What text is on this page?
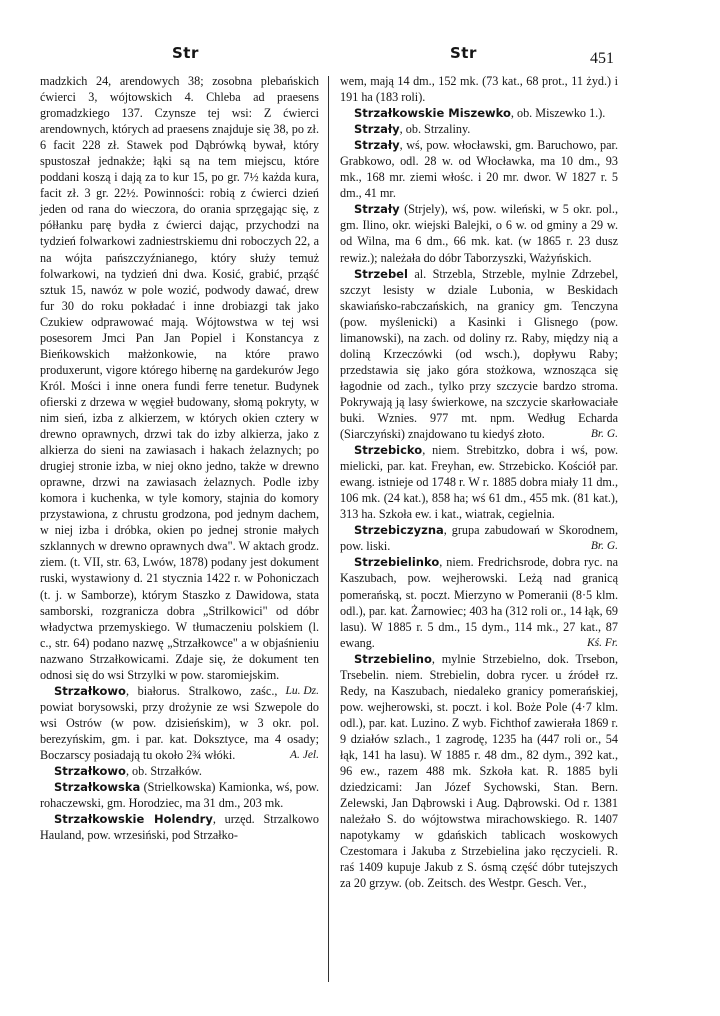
Str	Str	451

madzkich 24, arendowych 38; zosobna plebańskich ćwierci 3, wójtowskich 4. Chleba ad praesens gromadzkiego 137. Czynsze tej wsi: Z ćwierci arendownych, których ad praesens znajduje się 38, po zł. 6 facit 228 zł. Stawek pod Dąbrówką bywał, który spustoszał jednakże; łąki są na tem miejscu, które poddani koszą i dają za to kur 15, po gr. 7½ każda kura, facit zł. 3 gr. 22½. Powinności: robią z ćwierci dzień jeden od rana do wieczora, do orania sprzęgając się, z półłanku parę bydła z ćwierci dając, przychodzi na tydzień folwarkowi zadniestrskiemu dni roboczych 22, a na wójta pańszczyźnianego, który służy temuż folwarkowi, na tydzień dni dwa. Kosić, grabić, prząść sztuk 15, nawóz w pole wozić, podwody dawać, drew fur 30 do roku pokładać i inne drobiazgi tak jako Czukiew odprawować mają. Wójtowstwa w tej wsi posesorem Jmci Pan Jan Popiel i Konstancya z Bieńkowskich małżonkowie, na które prawo produxerunt, vigore którego hibernę na gardekurów Jego Król. Mości i inne onera fundi ferre tenetur. Budynek ofierski z drzewa w węgieł budowany, słomą pokryty, w nim sień, izba z alkierzem, w których okien cztery w drewno oprawnych, drzwi tak do izby alkierza, jako z alkierza do sieni na zawiasach i hakach żelaznych; po drugiej stronie izba, w niej okno jedno, także w drewno oprawne, drzwi na zawiasach żelaznych. Podle izby komora i kuchenka, w tyle komory, stajnia do komory przystawiona, z chrustu grodzona, pod jednym dachem, w niej izba i dróbka, okien po jednej stronie małych szklannych w drewno oprawnych dwa". W aktach grodz. ziem. (t. VII, str. 63, Lwów, 1878) podany jest dokument ruski, wystawiony d. 21 stycznia 1422 r. w Pohoniczach (t. j. w Samborze), którym Staszko z Dawidowa, stata samborski, rozgranicza dobra „Strilkowici" od dóbr władyctwa przemyskiego. W tłumaczeniu polskiem (l. c., str. 64) podano nazwę „Strzałkowce" a w objaśnieniu nazwano Strzałkowicami. Zdaje się, że dokument ten odnosi się do wsi Strzylki w pow. staromiejskim.
Lu. Dz.

Strzałkowo, białorus. Stralkowo, zaśc., powiat borysowski, przy drożynie ze wsi Szwepole do wsi Ostrów (w pow. dzisieńskim), w 3 okr. pol. berezyńskim, gm. i par. kat. Doksztyce, ma 4 osady; Boczarscy posiadają tu około 2¾ włóki.	A. Jel.

Strzałkowo, ob. Strzałków.

Strzałkowska (Strielkowska) Kamionka, wś, pow. rohaczewski, gm. Horodziec, ma 31 dm., 203 mk.

Strzałkowskie Holendry, urzęd. Strzalkowo Hauland, pow. wrzesiński, pod Strzałko-

wem, mają 14 dm., 152 mk. (73 kat., 68 prot., 11 żyd.) i 191 ha (183 roli).

Strzałkowskie Miszewko, ob. Miszewko 1.).

Strzały, ob. Strzaliny.

Strzały, wś, pow. włocławski, gm. Baruchowo, par. Grabkowo, odl. 28 w. od Włocławka, ma 10 dm., 93 mk., 168 mr. ziemi włośc. i 20 mr. dwor. W 1827 r. 5 dm., 41 mr.

Strzały (Strjely), wś, pow. wileński, w 5 okr. pol., gm. Ilino, okr. wiejski Balejki, o 6 w. od gminy a 29 w. od Wilna, ma 6 dm., 66 mk. kat. (w 1865 r. 23 dusz rewiz.); należała do dóbr Taborzyszki, Ważyńskich.

Strzebel al. Strzebla, Strzeble, mylnie Zdrzebel, szczyt lesisty w dziale Lubonia, w Beskidach skawiańsko-rabczańskich, na granicy gm. Tenczyna (pow. myślenicki) a Kasinki i Glisnego (pow. limanowski), na zach. od doliny rz. Raby, między nią a doliną Krzeczówki (od wsch.), dopływu Raby; przedstawia się jako góra stożkowa, wznosząca się łagodnie od zach., tylko przy szczycie bardzo stroma. Pokrywają ją lasy świerkowe, na szczycie skarłowaciałe buki. Wznies. 977 mt. npm. Według Echarda (Siarczyński) znajdowano tu kiedyś złoto.	Br. G.

Strzebicko, niem. Strebitzko, dobra i wś, pow. mielicki, par. kat. Freyhan, ew. Strzebicko. Kościół par. ewang. istnieje od 1748 r. W r. 1885 dobra miały 11 dm., 106 mk. (24 kat.), 858 ha; wś 61 dm., 455 mk. (81 kat.), 313 ha. Szkoła ew. i kat., wiatrak, cegielnia.

Strzebiczyzna, grupa zabudowań w Skorodnem, pow. liski.	Br. G.

Strzebielinko, niem. Fredrichsrode, dobra ryc. na Kaszubach, pow. wejherowski. Leżą nad granicą pomerańską, st. poczt. Mierzyno w Pomeranii (8·5 klm. odl.), par. kat. Żarnowiec; 403 ha (312 roli or., 14 łąk, 69 lasu). W 1885 r. 5 dm., 15 dym., 114 mk., 27 kat., 87 ewang.	Kś. Fr.

Strzebielino, mylnie Strzebielno, dok. Trsebon, Trsebelin. niem. Strebielin, dobra rycer. u źródeł rz. Redy, na Kaszubach, niedaleko granicy pomerańskiej, pow. wejherowski, st. poczt. i kol. Boże Pole (4·7 klm. odl.), par. kat. Luzino. Z wyb. Fichthof zawierała 1869 r. 9 działów szlach., 1 zagrodę, 1235 ha (447 roli or., 54 łąk, 141 ha lasu). W 1885 r. 48 dm., 82 dym., 392 kat., 96 ew., razem 488 mk. Szkoła kat. R. 1885 byli dziedzicami: Jan Józef Sychowski, Stan. Bern. Zelewski, Jan Dąbrowski i Aug. Dąbrowski. Od r. 1381 należało S. do wójtowstwa mirachowskiego. R. 1407 napotykamy w gdańskich tablicach woskowych Czestomara i Jakuba z Strzebielina jako ręczycieli. R. raś 1409 kupuje Jakub z S. ósmą część dóbr tutejszych za 20 grzyw. (ob. Zeitsch. des Westpr. Gesch. Ver.,
